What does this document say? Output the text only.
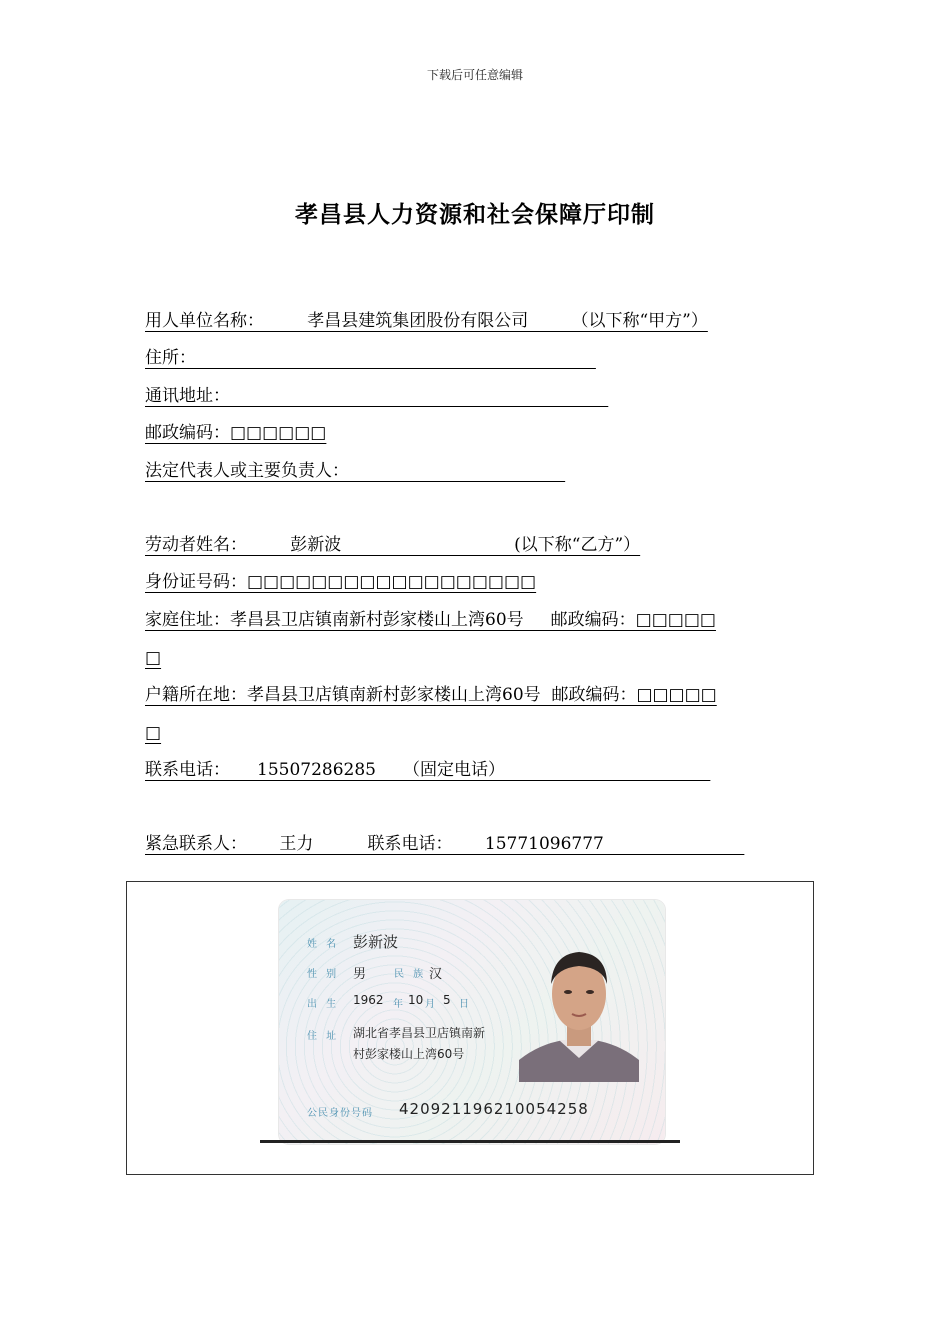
下载后可任意编辑
孝昌县人力资源和社会保障厅印制
用人单位名称：        孝昌县建筑集团股份有限公司        （以下称“甲方”）
住所：
通讯地址：
邮政编码：□□□□□□
法定代表人或主要负责人：
劳动者姓名：        彭新波                                (以下称“乙方”）
身份证号码：□□□□□□□□□□□□□□□□□□
家庭住址：孝昌县卫店镇南新村彭家楼山上湾60号     邮政编码：□□□□□
□
户籍所在地：孝昌县卫店镇南新村彭家楼山上湾60号  邮政编码：□□□□□
□
联系电话：     15507286285     （固定电话）
紧急联系人：      王力          联系电话：      15771096777
姓 名 彭新波
性 别 男	民 族 汉
出 生 1962 年 10 月 5 日
住 址 湖北省孝昌县卫店镇南新
村彭家楼山上湾60号
公民身份号码 420921196210054258
